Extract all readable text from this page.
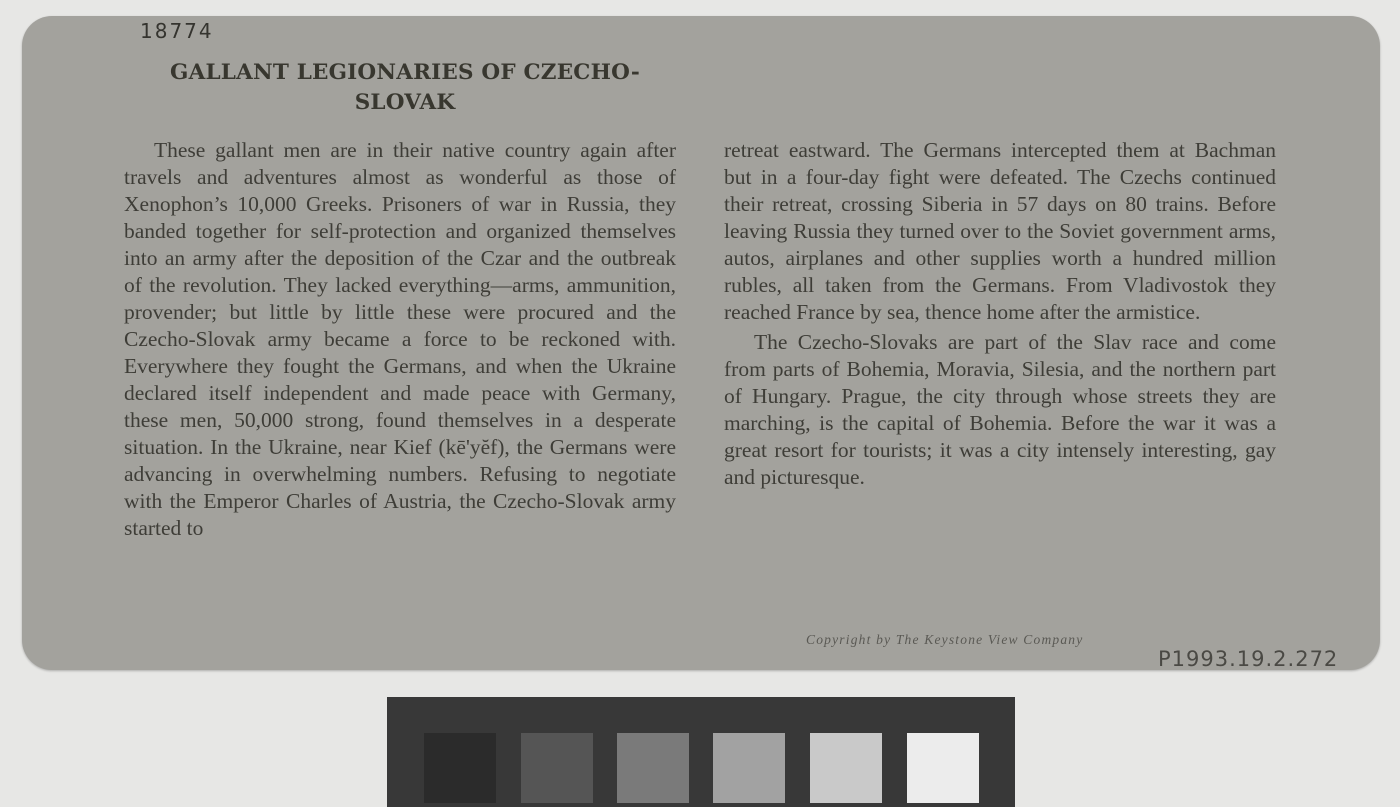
18774
GALLANT LEGIONARIES OF CZECHO-
SLOVAK

These gallant men are in their native country again after travels and adventures almost as wonderful as those of Xenophon’s 10,000 Greeks. Prisoners of war in Russia, they banded together for self-protection and organized themselves into an army after the deposition of the Czar and the outbreak of the revolution. They lacked everything—arms, ammunition, provender; but little by little these were procured and the Czecho-Slovak army became a force to be reckoned with. Everywhere they fought the Germans, and when the Ukraine declared itself independent and made peace with Germany, these men, 50,000 strong, found themselves in a desperate situation. In the Ukraine, near Kief (kē'yĕf), the Germans were advancing in overwhelming numbers. Refusing to negotiate with the Emperor Charles of Austria, the Czecho-Slovak army started to

retreat eastward. The Germans intercepted them at Bachman but in a four-day fight were defeated. The Czechs continued their retreat, crossing Siberia in 57 days on 80 trains. Before leaving Russia they turned over to the Soviet government arms, autos, airplanes and other supplies worth a hundred million rubles, all taken from the Germans. From Vladivostok they reached France by sea, thence home after the armistice.

The Czecho-Slovaks are part of the Slav race and come from parts of Bohemia, Moravia, Silesia, and the northern part of Hungary. Prague, the city through whose streets they are marching, is the capital of Bohemia. Before the war it was a great resort for tourists; it was a city intensely interesting, gay and picturesque.

Copyright by The Keystone View Company
P1993.19.2.272
